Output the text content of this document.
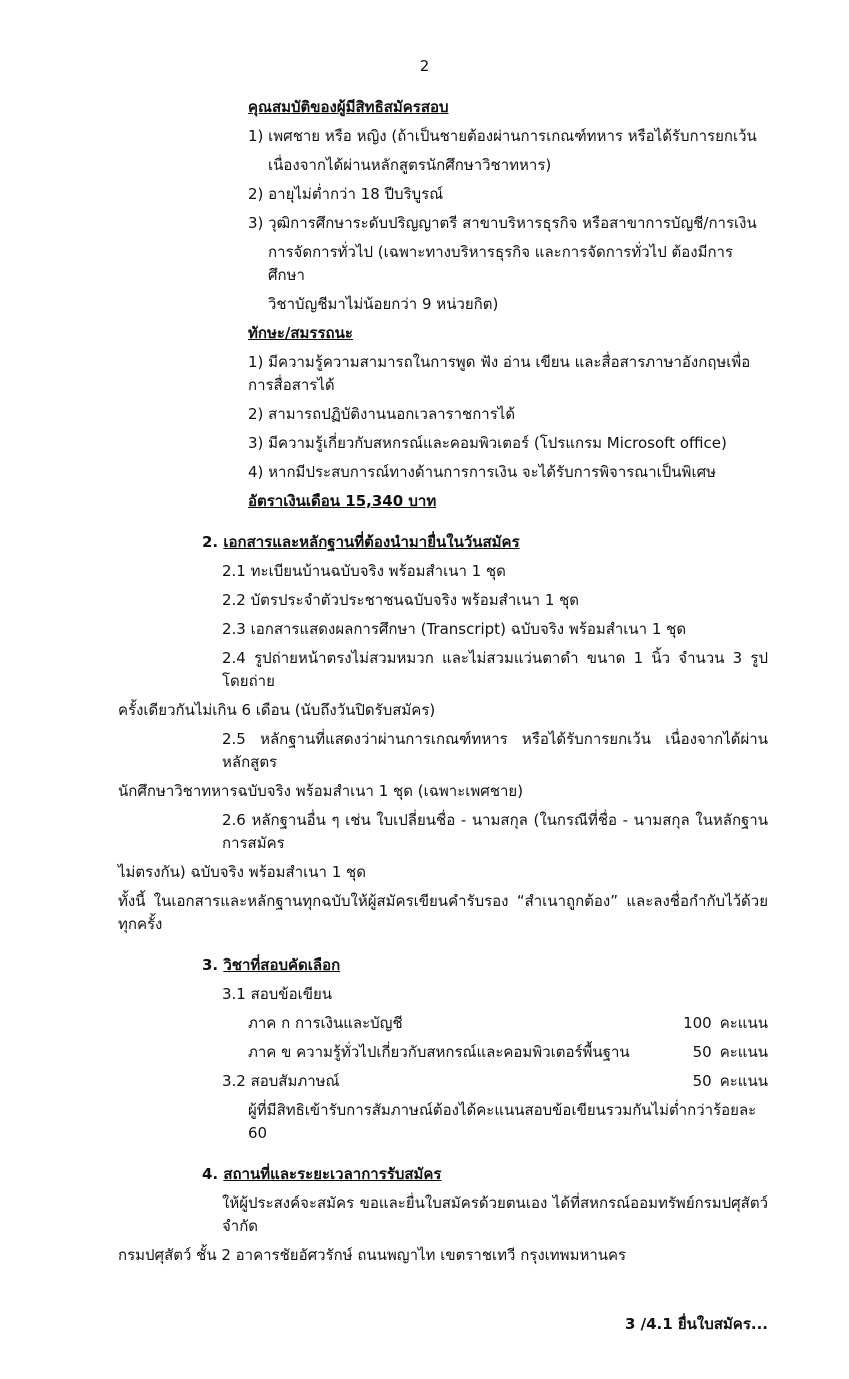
2
คุณสมบัติของผู้มีสิทธิสมัครสอบ
1) เพศชาย หรือ หญิง (ถ้าเป็นชายต้องผ่านการเกณฑ์ทหาร หรือได้รับการยกเว้น
เนื่องจากได้ผ่านหลักสูตรนักศึกษาวิชาทหาร)
2) อายุไม่ต่ำกว่า 18 ปีบริบูรณ์
3) วุฒิการศึกษาระดับปริญญาตรี สาขาบริหารธุรกิจ หรือสาขาการบัญชี/การเงิน
การจัดการทั่วไป (เฉพาะทางบริหารธุรกิจ และการจัดการทั่วไป ต้องมีการศึกษา
วิชาบัญชีมาไม่น้อยกว่า 9 หน่วยกิต)
ทักษะ/สมรรถนะ
1) มีความรู้ความสามารถในการพูด ฟัง อ่าน เขียน และสื่อสารภาษาอังกฤษเพื่อการสื่อสารได้
2) สามารถปฏิบัติงานนอกเวลาราชการได้
3) มีความรู้เกี่ยวกับสหกรณ์และคอมพิวเตอร์ (โปรแกรม Microsoft office)
4) หากมีประสบการณ์ทางด้านการการเงิน จะได้รับการพิจารณาเป็นพิเศษ
อัตราเงินเดือน 15,340 บาท
2. เอกสารและหลักฐานที่ต้องนำมายื่นในวันสมัคร
2.1 ทะเบียนบ้านฉบับจริง พร้อมสำเนา 1 ชุด
2.2 บัตรประจำตัวประชาชนฉบับจริง พร้อมสำเนา 1 ชุด
2.3 เอกสารแสดงผลการศึกษา (Transcript) ฉบับจริง พร้อมสำเนา 1 ชุด
2.4 รูปถ่ายหน้าตรงไม่สวมหมวก และไม่สวมแว่นตาดำ ขนาด 1 นิ้ว จำนวน 3 รูป โดยถ่าย
ครั้งเดียวกันไม่เกิน 6 เดือน (นับถึงวันปิดรับสมัคร)
2.5 หลักฐานที่แสดงว่าผ่านการเกณฑ์ทหาร หรือได้รับการยกเว้น เนื่องจากได้ผ่านหลักสูตร
นักศึกษาวิชาทหารฉบับจริง พร้อมสำเนา 1 ชุด (เฉพาะเพศชาย)
2.6 หลักฐานอื่น ๆ เช่น ใบเปลี่ยนชื่อ - นามสกุล (ในกรณีที่ชื่อ - นามสกุล ในหลักฐานการสมัคร
ไม่ตรงกัน) ฉบับจริง พร้อมสำเนา 1 ชุด
ทั้งนี้ ในเอกสารและหลักฐานทุกฉบับให้ผู้สมัครเขียนคำรับรอง “สำเนาถูกต้อง” และลงชื่อกำกับไว้ด้วยทุกครั้ง
3. วิชาที่สอบคัดเลือก
3.1 สอบข้อเขียน
ภาค ก การเงินและบัญชี	100 คะแนน
ภาค ข ความรู้ทั่วไปเกี่ยวกับสหกรณ์และคอมพิวเตอร์พื้นฐาน	50 คะแนน
3.2 สอบสัมภาษณ์	50 คะแนน
ผู้ที่มีสิทธิเข้ารับการสัมภาษณ์ต้องได้คะแนนสอบข้อเขียนรวมกันไม่ต่ำกว่าร้อยละ 60
4. สถานที่และระยะเวลาการรับสมัคร
ให้ผู้ประสงค์จะสมัคร ขอและยื่นใบสมัครด้วยตนเอง ได้ที่สหกรณ์ออมทรัพย์กรมปศุสัตว์ จำกัด
กรมปศุสัตว์ ชั้น 2 อาคารชัยอัศวรักษ์ ถนนพญาไท เขตราชเทวี กรุงเทพมหานคร
3 /4.1 ยื่นใบสมัคร...
